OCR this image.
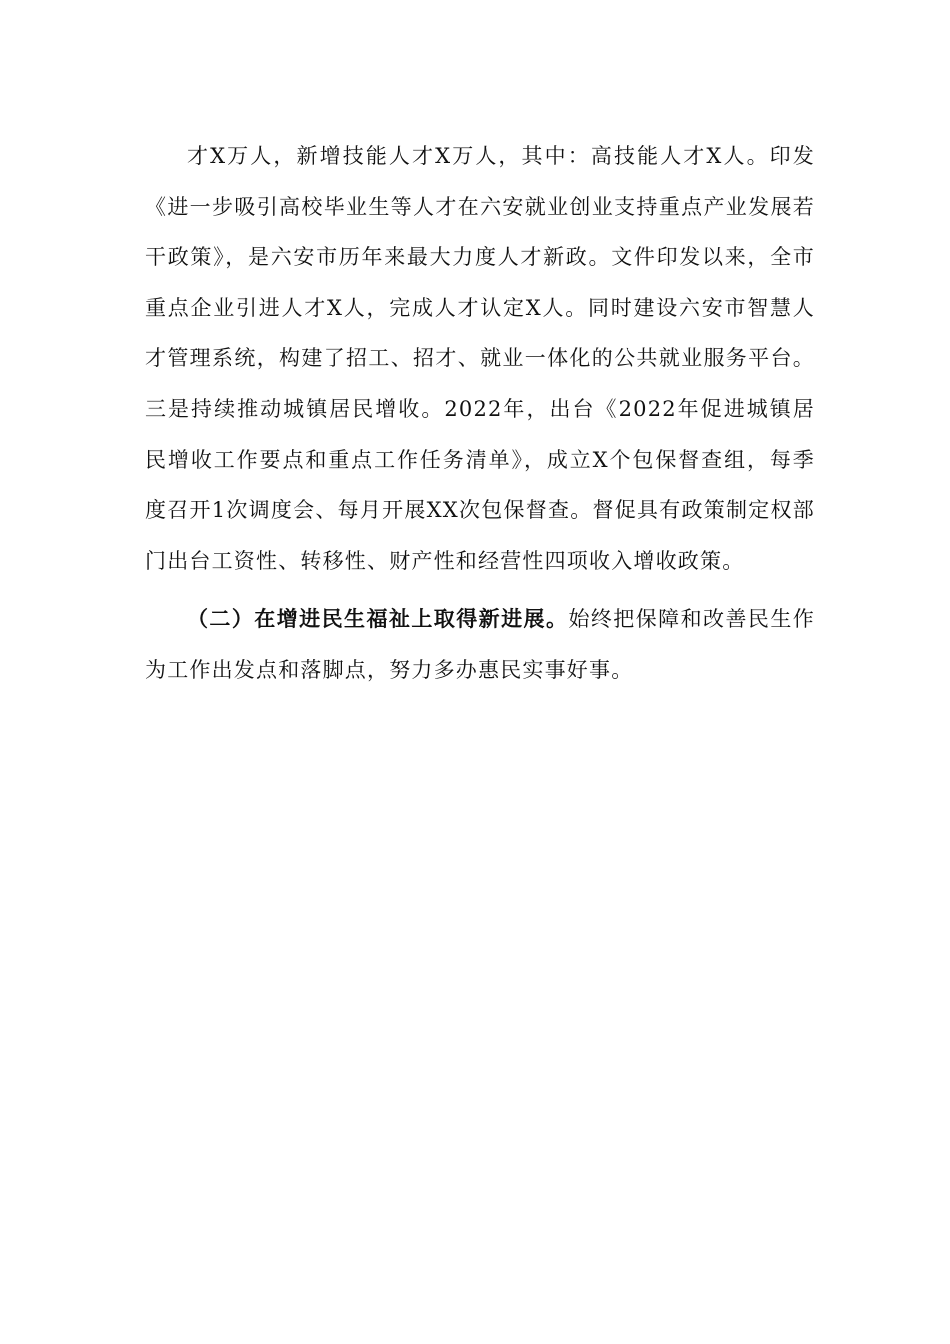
才X万人，新增技能人才X万人，其中：高技能人才X人。印发《进一步吸引高校毕业生等人才在六安就业创业支持重点产业发展若干政策》，是六安市历年来最大力度人才新政。文件印发以来，全市重点企业引进人才X人，完成人才认定X人。同时建设六安市智慧人才管理系统，构建了招工、招才、就业一体化的公共就业服务平台。三是持续推动城镇居民增收。2022年，出台《2022年促进城镇居民增收工作要点和重点工作任务清单》，成立X个包保督查组，每季度召开1次调度会、每月开展XX次包保督查。督促具有政策制定权部门出台工资性、转移性、财产性和经营性四项收入增收政策。

（二）在增进民生福祉上取得新进展。始终把保障和改善民生作为工作出发点和落脚点，努力多办惠民实事好事。
